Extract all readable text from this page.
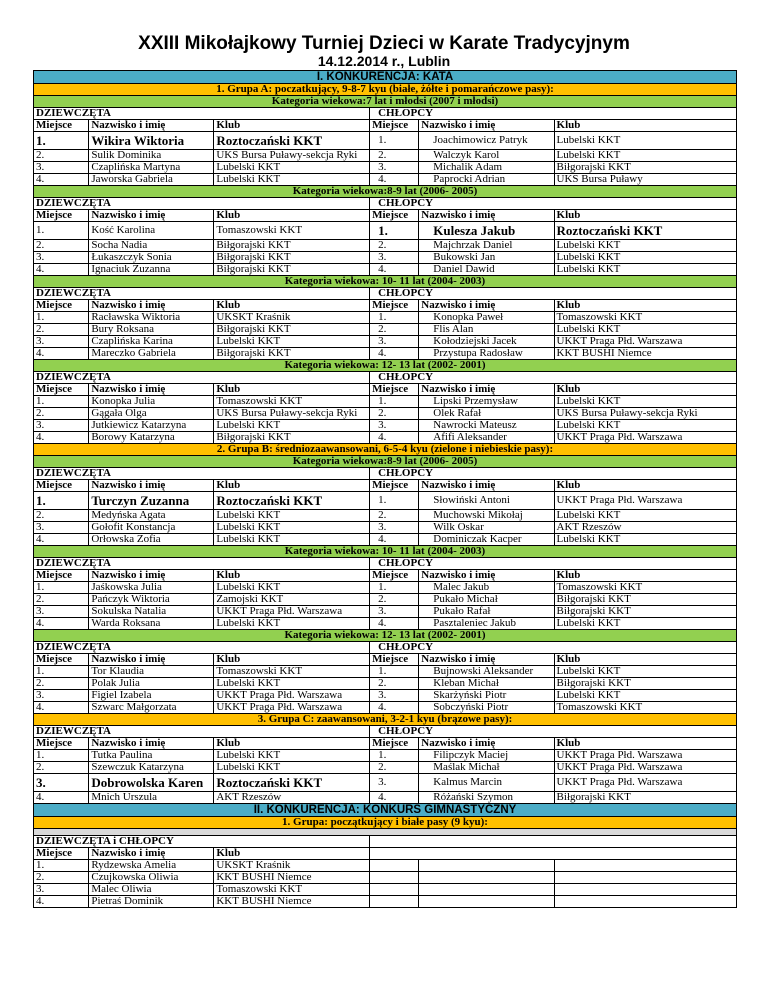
XXIII Mikołajkowy Turniej Dzieci w Karate Tradycyjnym
14.12.2014 r., Lublin
I. KONKURENCJA: KATA					
1. Grupa A: poczatkujący, 9-8-7 kyu (białe, żółte i pomarańczowe pasy):					
Kategoria wiekowa:7 lat i młodsi (2007 i młodsi)					
DZIEWCZĘTA			CHŁOPCY		
Miejsce	Nazwisko i imię	Klub	Miejsce	Nazwisko i imię	Klub
1.	Wikira Wiktoria	Roztoczański KKT	1.	Joachimowicz Patryk	Lubelski KKT
2.	Sulik Dominika	UKS Bursa Puławy-sekcja Ryki	2.	Walczyk Karol	Lubelski KKT
3.	Czaplińska Martyna	Lubelski KKT	3.	Michalik Adam	Biłgorajski KKT
4.	Jaworska Gabriela	Lubelski KKT	4.	Paprocki Adrian	UKS Bursa Puławy
Kategoria wiekowa:8-9 lat (2006- 2005)					
DZIEWCZĘTA			CHŁOPCY		
Miejsce	Nazwisko i imię	Klub	Miejsce	Nazwisko i imię	Klub
1.	Kość Karolina	Tomaszowski KKT	1.	Kulesza Jakub	Roztoczański KKT
2.	Socha Nadia	Biłgorajski KKT	2.	Majchrzak Daniel	Lubelski KKT
3.	Łukaszczyk Sonia	Biłgorajski KKT	3.	Bukowski Jan	Lubelski KKT
4.	Ignaciuk Zuzanna	Biłgorajski KKT	4.	Daniel Dawid	Lubelski KKT
Kategoria wiekowa: 10- 11 lat (2004- 2003)					
DZIEWCZĘTA			CHŁOPCY		
Miejsce	Nazwisko i imię	Klub	Miejsce	Nazwisko i imię	Klub
1.	Racławska Wiktoria	UKSKT Kraśnik	1.	Konopka Paweł	Tomaszowski KKT
2.	Bury Roksana	Biłgorajski KKT	2.	Flis Alan	Lubelski KKT
3.	Czaplińska Karina	Lubelski KKT	3.	Kołodziejski Jacek	UKKT Praga Płd. Warszawa
4.	Mareczko Gabriela	Biłgorajski KKT	4.	Przystupa Radosław	KKT BUSHI Niemce
Kategoria wiekowa: 12- 13 lat (2002- 2001)					
DZIEWCZĘTA			CHŁOPCY		
Miejsce	Nazwisko i imię	Klub	Miejsce	Nazwisko i imię	Klub
1.	Konopka Julia	Tomaszowski KKT	1.	Lipski Przemysław	Lubelski KKT
2.	Gągała Olga	UKS Bursa Puławy-sekcja Ryki	2.	Olek Rafał	UKS Bursa Puławy-sekcja Ryki
3.	Jutkiewicz Katarzyna	Lubelski KKT	3.	Nawrocki Mateusz	Lubelski KKT
4.	Borowy Katarzyna	Biłgorajski KKT	4.	Afifi Aleksander	UKKT Praga Płd. Warszawa
2. Grupa B: średniozaawansowani, 6-5-4 kyu (zielone i niebieskie pasy):					
Kategoria wiekowa:8-9 lat (2006- 2005)					
DZIEWCZĘTA			CHŁOPCY		
Miejsce	Nazwisko i imię	Klub	Miejsce	Nazwisko i imię	Klub
1.	Turczyn Zuzanna	Roztoczański KKT	1.	Słowiński Antoni	UKKT Praga Płd. Warszawa
2.	Medyńska Agata	Lubelski KKT	2.	Muchowski Mikołaj	Lubelski KKT
3.	Gołofit Konstancja	Lubelski KKT	3.	Wilk Oskar	AKT Rzeszów
4.	Orłowska Zofia	Lubelski KKT	4.	Dominiczak Kacper	Lubelski KKT
Kategoria wiekowa: 10- 11 lat (2004- 2003)					
DZIEWCZĘTA			CHŁOPCY		
Miejsce	Nazwisko i imię	Klub	Miejsce	Nazwisko i imię	Klub
1.	Jaśkowska Julia	Lubelski KKT	1.	Malec Jakub	Tomaszowski KKT
2.	Pańczyk Wiktoria	Zamojski KKT	2.	Pukało Michał	Biłgorajski KKT
3.	Sokulska Natalia	UKKT Praga Płd. Warszawa	3.	Pukało Rafał	Biłgorajski KKT
4.	Warda Roksana	Lubelski KKT	4.	Pasztaleniec Jakub	Lubelski KKT
Kategoria wiekowa: 12- 13 lat (2002- 2001)					
DZIEWCZĘTA			CHŁOPCY		
Miejsce	Nazwisko i imię	Klub	Miejsce	Nazwisko i imię	Klub
1.	Tor Klaudia	Tomaszowski KKT	1.	Bujnowski Aleksander	Lubelski KKT
2.	Polak Julia	Lubelski KKT	2.	Kleban Michał	Biłgorajski KKT
3.	Figiel Izabela	UKKT Praga Płd. Warszawa	3.	Skarżyński Piotr	Lubelski KKT
4.	Szwarc Małgorzata	UKKT Praga Płd. Warszawa	4.	Sobczyński Piotr	Tomaszowski KKT
3. Grupa C: zaawansowani, 3-2-1 kyu (brązowe pasy):					
DZIEWCZĘTA			CHŁOPCY		
Miejsce	Nazwisko i imię	Klub	Miejsce	Nazwisko i imię	Klub
1.	Tutka Paulina	Lubelski KKT	1.	Filipczyk Maciej	UKKT Praga Płd. Warszawa
2.	Szewczuk Katarzyna	Lubelski KKT	2.	Maślak Michał	UKKT Praga Płd. Warszawa
3.	Dobrowolska Karen	Roztoczański KKT	3.	Kalmus Marcin	UKKT Praga Płd. Warszawa
4.	Mnich Urszula	AKT Rzeszów	4.	Różański Szymon	Biłgorajski KKT
II. KONKURENCJA: KONKURS GIMNASTYCZNY					
1. Grupa: początkujący i białe pasy (9 kyu):					

DZIEWCZĘTA i CHŁOPCY					
Miejsce	Nazwisko i imię	Klub			
1.	Rydzewska Amelia	UKSKT Kraśnik			
2.	Czujkowska Oliwia	KKT BUSHI Niemce			
3.	Malec Oliwia	Tomaszowski KKT			
4.	Pietraś Dominik	KKT BUSHI Niemce			
